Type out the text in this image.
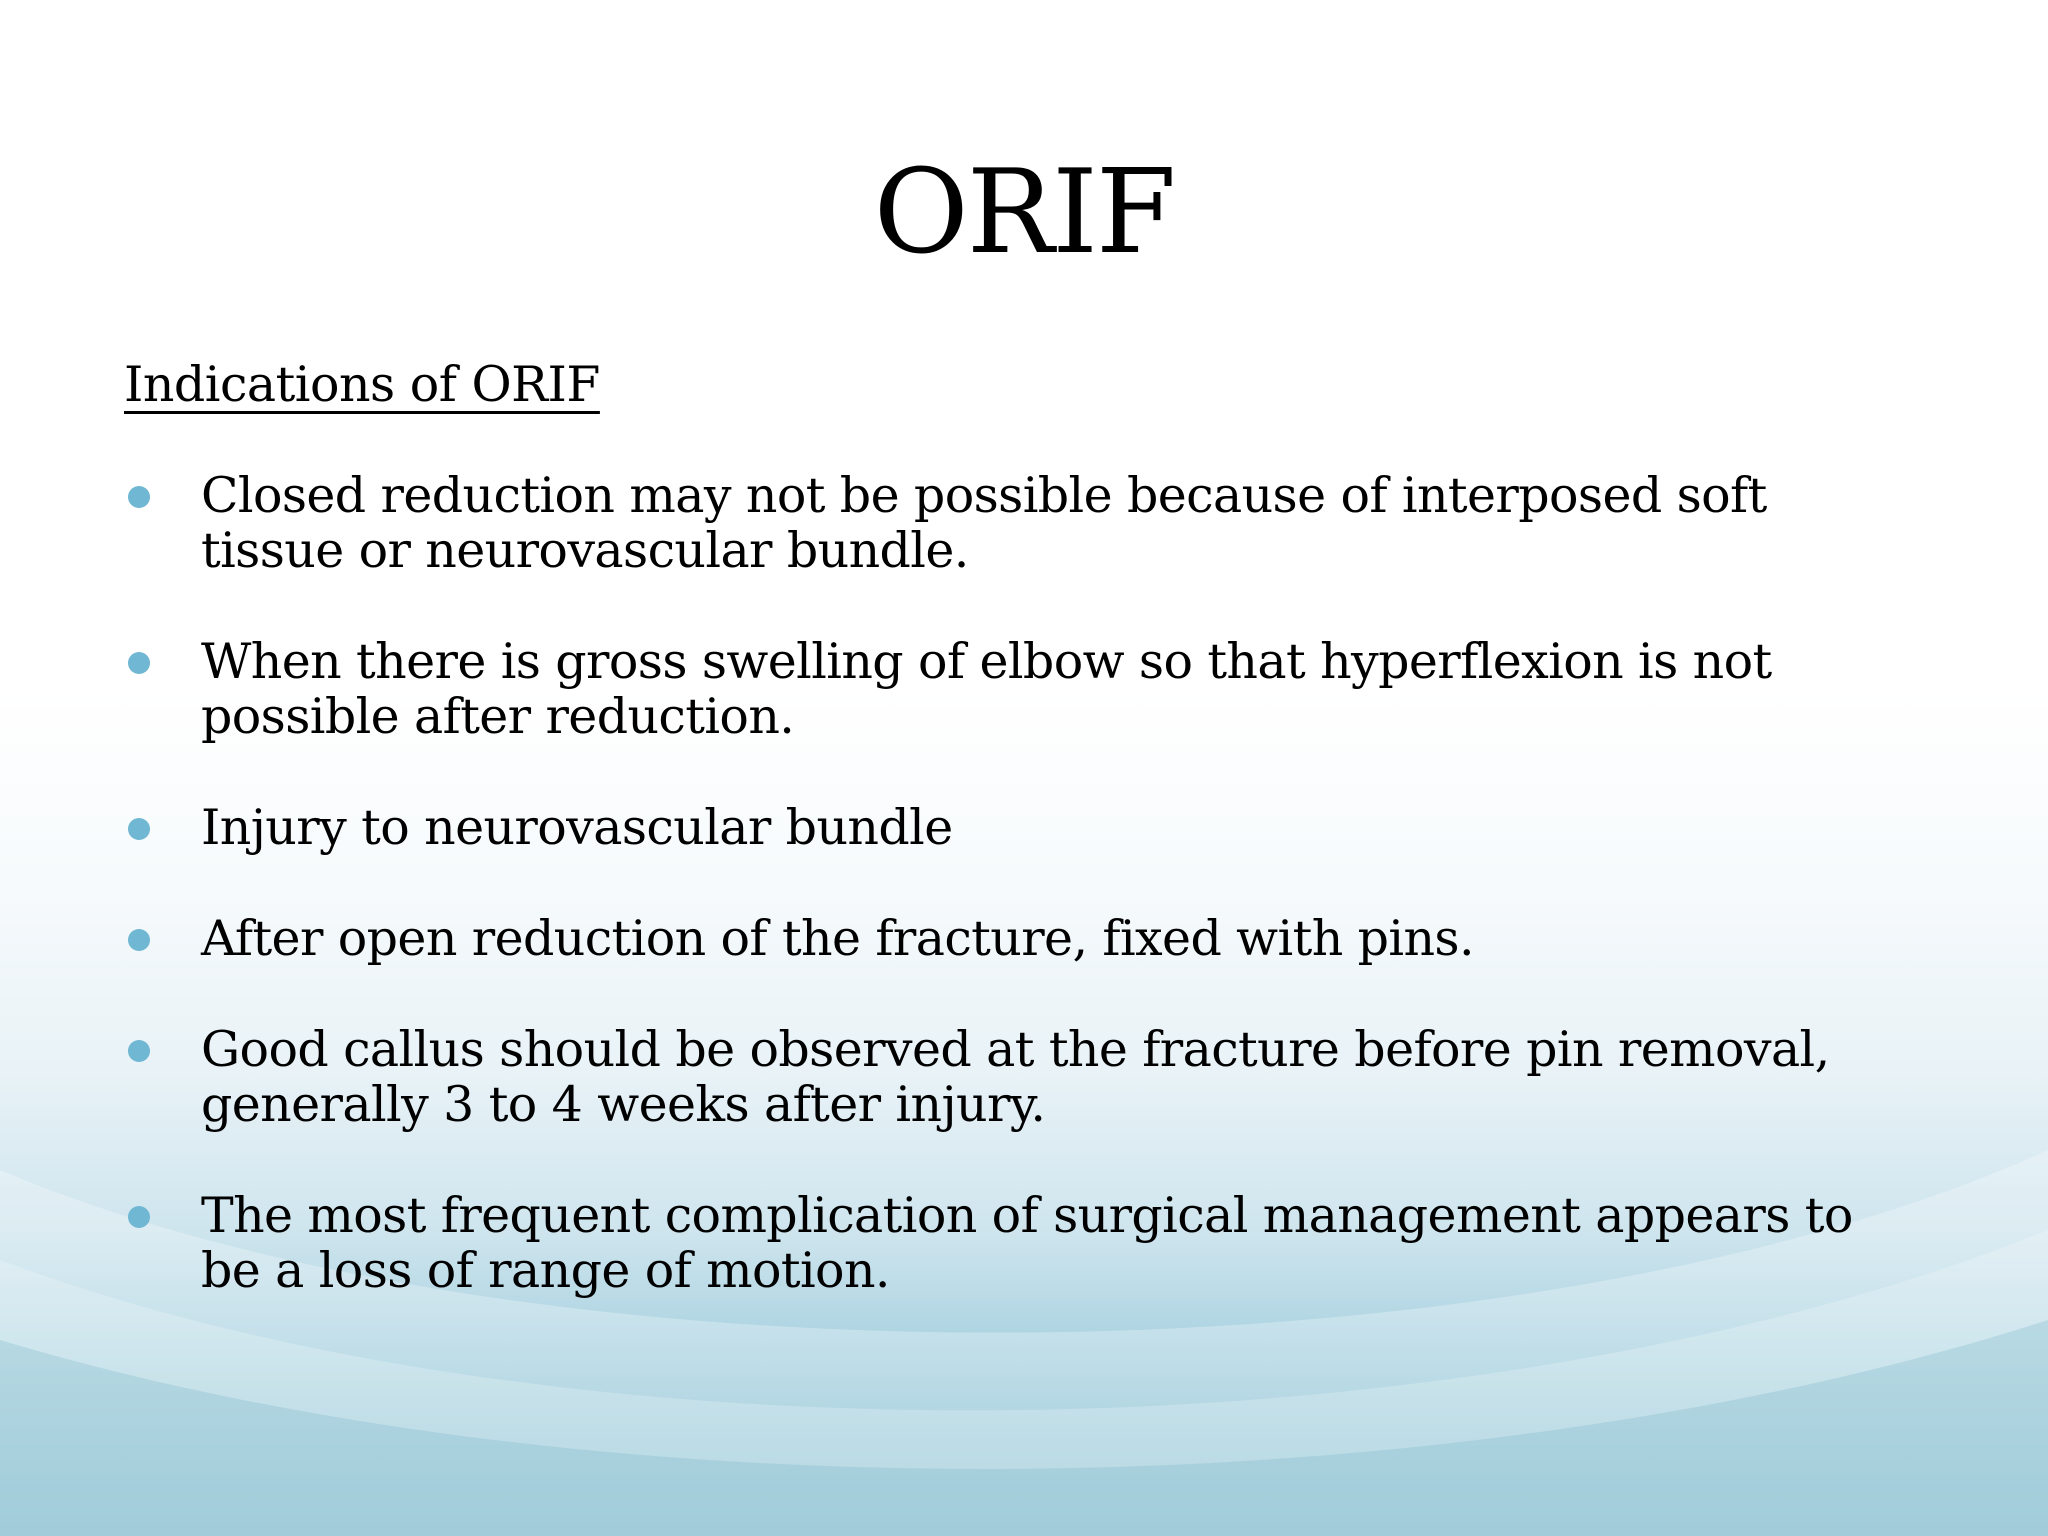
ORIF
Indications of ORIF
Closed reduction may not be possible because of interposed soft tissue or neurovascular bundle.
When there is gross swelling of elbow so that hyperflexion is not possible after reduction.
Injury to neurovascular bundle
After open reduction of the fracture, fixed with pins.
Good callus should be observed at the fracture before pin removal, generally 3 to 4 weeks after injury.
The most frequent complication of surgical management appears to be a loss of range of motion.
